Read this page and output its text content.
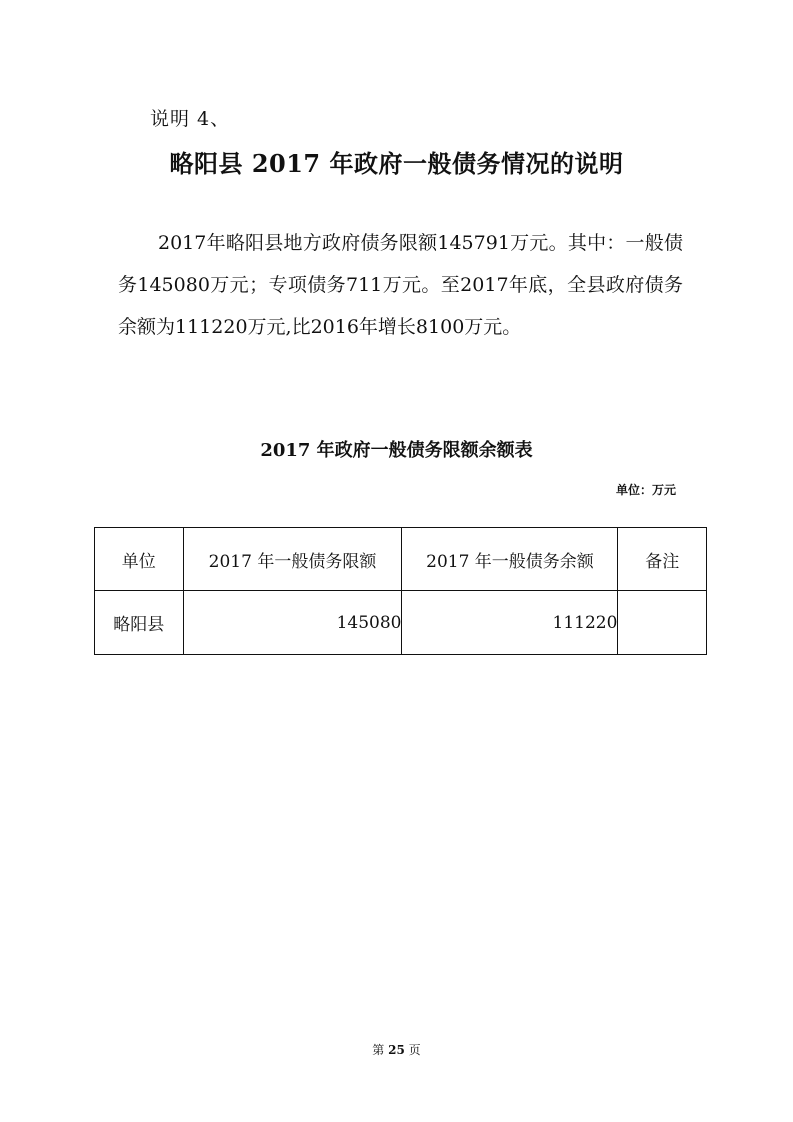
说明 4、
略阳县 2017 年政府一般债务情况的说明

2017年略阳县地方政府债务限额145791万元。其中：一般债务145080万元；专项债务711万元。至2017年底，全县政府债务余额为111220万元,比2016年增长8100万元。

2017 年政府一般债务限额余额表
单位：万元
单位	2017 年一般债务限额	2017 年一般债务余额	备注
略阳县	145080	111220	
第 25 页
